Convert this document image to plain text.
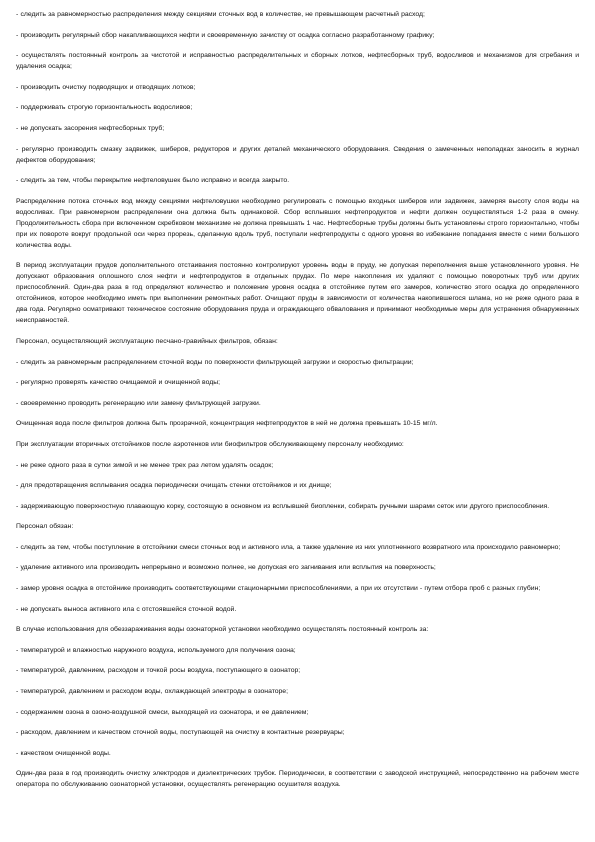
- следить за равномерностью распределения между секциями сточных вод в количестве, не превышающем расчетный расход;

- производить регулярный сбор накапливающихся нефти и своевременную зачистку от осадка согласно разработанному графику;

- осуществлять постоянный контроль за чистотой и исправностью распределительных и сборных лотков, нефтесборных труб, водосливов и механизмов для сгребания и удаления осадка;

- производить очистку подводящих и отводящих лотков;

- поддерживать строгую горизонтальность водосливов;

- не допускать засорения нефтесборных труб;

- регулярно производить смазку задвижек, шиберов, редукторов и других деталей механического оборудования. Сведения о замеченных неполадках заносить в журнал дефектов оборудования;

- следить за тем, чтобы перекрытие нефтеловушек было исправно и всегда закрыто.

Распределение потока сточных вод между секциями нефтеловушки необходимо регулировать с помощью входных шиберов или задвижек, замеряя высоту слоя воды на водосливах. При равномерном распределении она должна быть одинаковой. Сбор всплывших нефтепродуктов и нефти должен осуществляться 1-2 раза в смену. Продолжительность сбора при включенном скребковом механизме не должна превышать 1 час. Нефтесборные трубы должны быть установлены строго горизонтально, чтобы при их повороте вокруг продольной оси через прорезь, сделанную вдоль труб, поступали нефтепродукты с одного уровня во избежание попадания вместе с ними большого количества воды.

В период эксплуатации прудов дополнительного отстаивания постоянно контролируют уровень воды в пруду, не допуская переполнения выше установленного уровня. Не допускают образования оплошного слоя нефти и нефтепродуктов в отдельных прудах. По мере накопления их удаляют с помощью поворотных труб или других приспособлений. Один-два раза в год определяют количество и положение уровня осадка в отстойнике путем его замеров, количество этого осадка до определенного отстойников, которое необходимо иметь при выполнении ремонтных работ. Очищают пруды в зависимости от количества накопившегося шлама, но не реже одного раза в два года. Регулярно осматривают техническое состояние оборудования пруда и ограждающего обвалования и принимают необходимые меры для устранения обнаруженных неисправностей.

Персонал, осуществляющий эксплуатацию песчано-гравийных фильтров, обязан:

- следить за равномерным распределением сточной воды по поверхности фильтрующей загрузки и скоростью фильтрации;

- регулярно проверять качество очищаемой и очищенной воды;

- своевременно проводить регенерацию или замену фильтрующей загрузки.

Очищенная вода после фильтров должна быть прозрачной, концентрация нефтепродуктов в ней не должна превышать 10-15 мг/л.

При эксплуатации вторичных отстойников после аэротенков или биофильтров обслуживающему персоналу необходимо:

- не реже одного раза в сутки зимой и не менее трех раз летом удалять осадок;

- для предотвращения всплывания осадка периодически очищать стенки отстойников и их днище;

- задерживающую поверхностную плавающую корку, состоящую в основном из всплывшей биопленки, собирать ручными шарами сеток или другого приспособления.

Персонал обязан:

- следить за тем, чтобы поступление в отстойники смеси сточных вод и активного ила, а также удаление из них уплотненного возвратного ила происходило равномерно;

- удаление активного ила производить непрерывно и возможно полнее, не допуская его загнивания или всплытия на поверхность;

- замер уровня осадка в отстойнике производить соответствующими стационарными приспособлениями, а при их отсутствии - путем отбора проб с разных глубин;

- не допускать выноса активного ила с отстоявшейся сточной водой.

В случае использования для обеззараживания воды озонаторной установки необходимо осуществлять постоянный контроль за:

- температурой и влажностью наружного воздуха, используемого для получения озона;

- температурой, давлением, расходом и точкой росы воздуха, поступающего в озонатор;

- температурой, давлением и расходом воды, охлаждающей электроды в озонаторе;

- содержанием озона в озоно-воздушной смеси, выходящей из озонатора, и ее давлением;

- расходом, давлением и качеством сточной воды, поступающей на очистку в контактные резервуары;

- качеством очищенной воды.

Один-два раза в год производить очистку электродов и диэлектрических трубок. Периодически, в соответствии с заводской инструкцией, непосредственно на рабочем месте оператора по обслуживанию озонаторной установки, осуществлять регенерацию осушителя воздуха.
